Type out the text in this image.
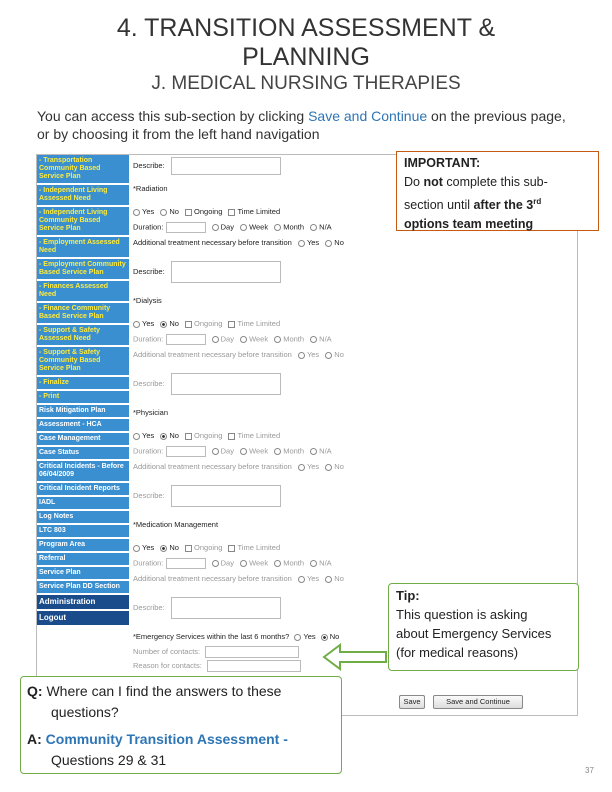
4. TRANSITION ASSESSMENT &
PLANNING
J. MEDICAL NURSING THERAPIES
You can access this sub-section by clicking Save and Continue on the previous page, or by choosing it from the left hand navigation
- Transportation Community Based Service Plan
- Independent Living Assessed Need
- Independent Living Community Based Service Plan
- Employment Assessed Need
- Employment Community Based Service Plan
- Finances Assessed Need
- Finance Community Based Service Plan
- Support & Safety Assessed Need
- Support & Safety Community Based Service Plan
- Finalize
- Print
Risk Mitigation Plan
Assessment - HCA
Case Management
Case Status
Critical Incidents - Before 06/04/2009
Critical Incident Reports
IADL
Log Notes
LTC 803
Program Area
Referral
Service Plan
Service Plan DD Section
Administration
Logout
Describe:
*Radiation
Yes No Ongoing Time Limited
Duration:	Day Week Month N/A
Additional treatment necessary before transition Yes No
Describe:
*Dialysis
Yes No Ongoing Time Limited
Duration:	Day Week Month N/A
Additional treatment necessary before transition Yes No
Describe:
*Physician
Yes No Ongoing Time Limited
Duration:	Day Week Month N/A
Additional treatment necessary before transition Yes No
Describe:
*Medication Management
Yes No Ongoing Time Limited
Duration:	Day Week Month N/A
Additional treatment necessary before transition Yes No
Describe:
*Emergency Services within the last 6 months? Yes No
Number of contacts:
Reason for contacts:
Save	Save and Continue
IMPORTANT:
Do not complete this sub-
section until after the 3rd
options team meeting
Tip:
This question is asking
about Emergency Services
(for medical reasons)
Q: Where can I find the answers to these
questions?
A: Community Transition Assessment -
Questions 29 & 31
37
